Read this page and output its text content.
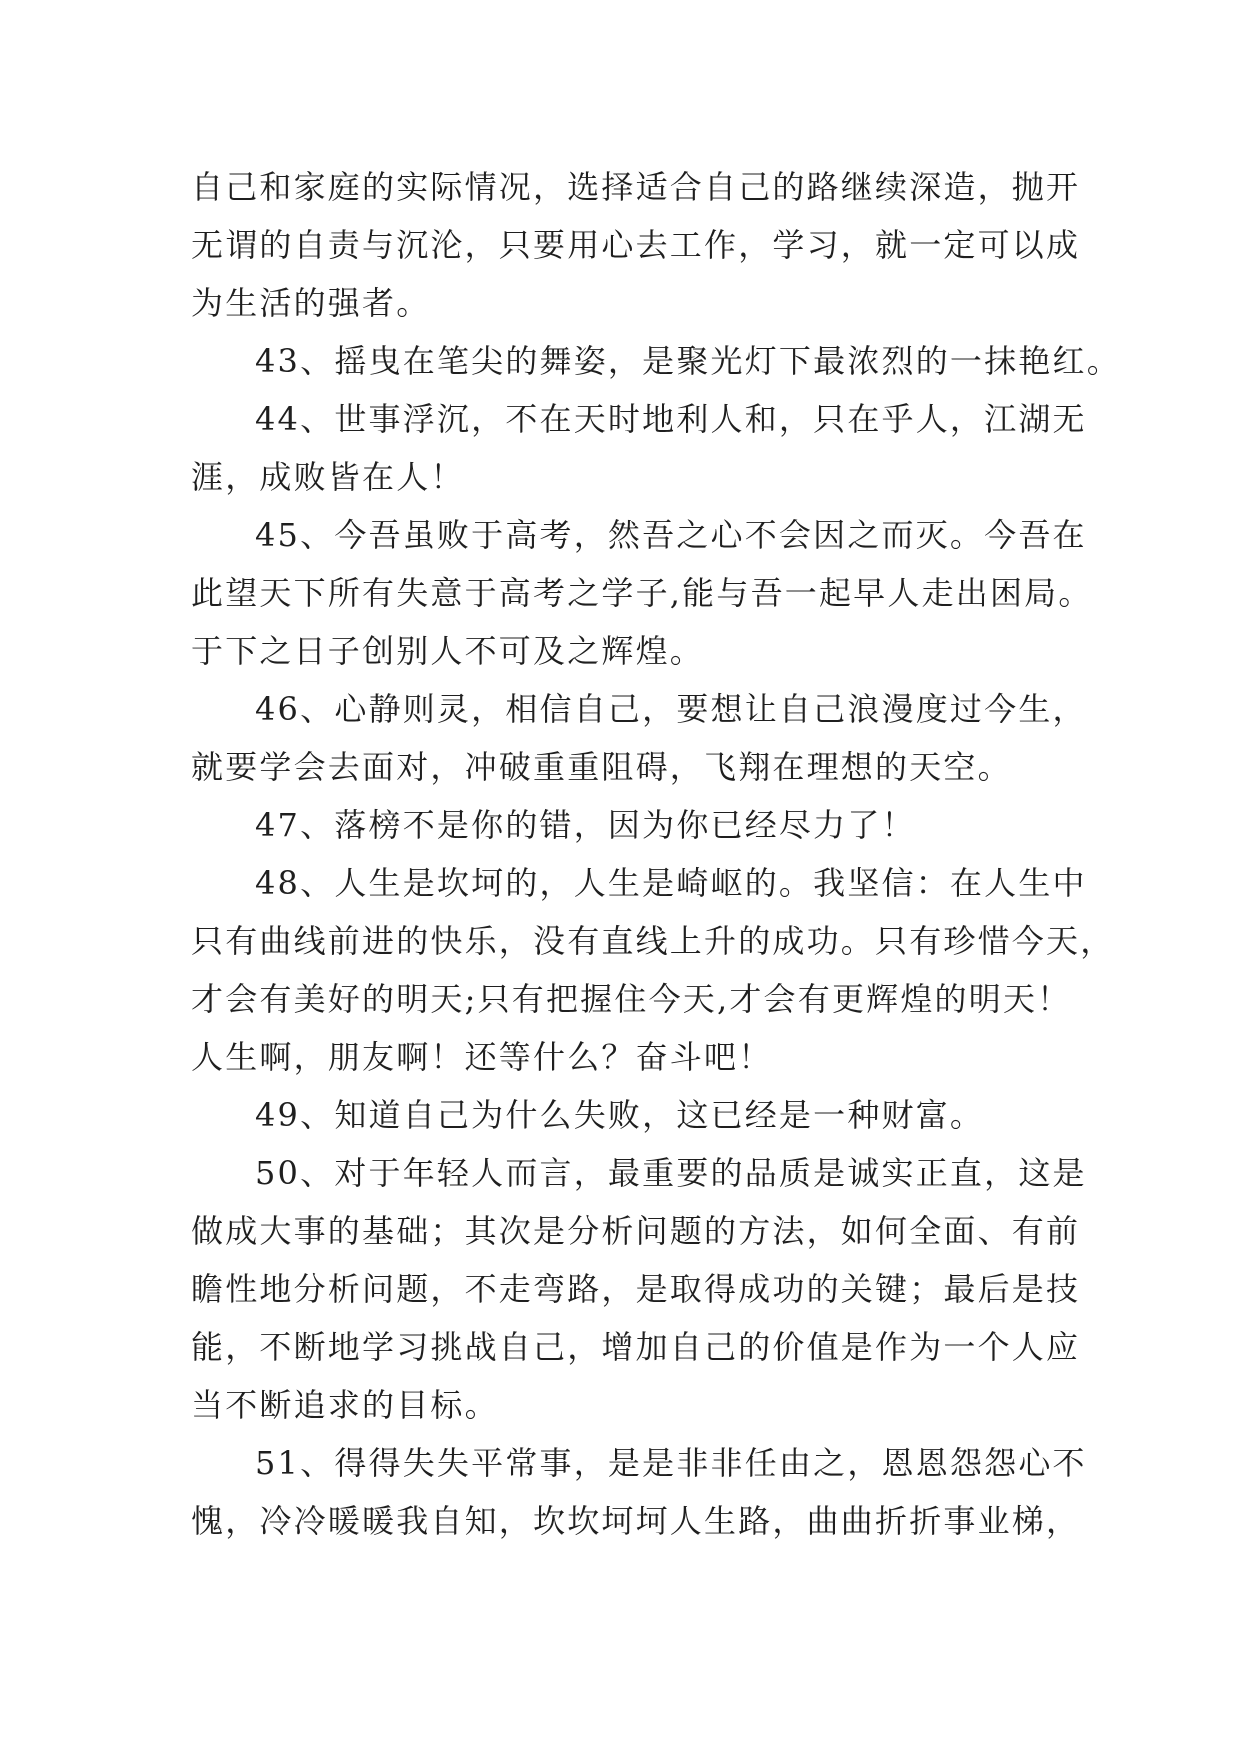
自己和家庭的实际情况，选择适合自己的路继续深造，抛开
无谓的自责与沉沦，只要用心去工作，学习，就一定可以成
为生活的强者。
43、摇曳在笔尖的舞姿，是聚光灯下最浓烈的一抹艳红。
44、世事浮沉，不在天时地利人和，只在乎人，江湖无
涯，成败皆在人！
45、今吾虽败于高考，然吾之心不会因之而灭。今吾在
此望天下所有失意于高考之学子,能与吾一起早人走出困局。
于下之日子创别人不可及之辉煌。
46、心静则灵，相信自己，要想让自己浪漫度过今生，
就要学会去面对，冲破重重阻碍，飞翔在理想的天空。
47、落榜不是你的错，因为你已经尽力了！
48、人生是坎坷的，人生是崎岖的。我坚信：在人生中
只有曲线前进的快乐，没有直线上升的成功。只有珍惜今天，
才会有美好的明天;只有把握住今天,才会有更辉煌的明天！
人生啊，朋友啊！还等什么？奋斗吧！
49、知道自己为什么失败，这已经是一种财富。
50、对于年轻人而言，最重要的品质是诚实正直，这是
做成大事的基础；其次是分析问题的方法，如何全面、有前
瞻性地分析问题，不走弯路，是取得成功的关键；最后是技
能，不断地学习挑战自己，增加自己的价值是作为一个人应
当不断追求的目标。
51、得得失失平常事，是是非非任由之，恩恩怨怨心不
愧，冷冷暖暖我自知，坎坎坷坷人生路，曲曲折折事业梯，
